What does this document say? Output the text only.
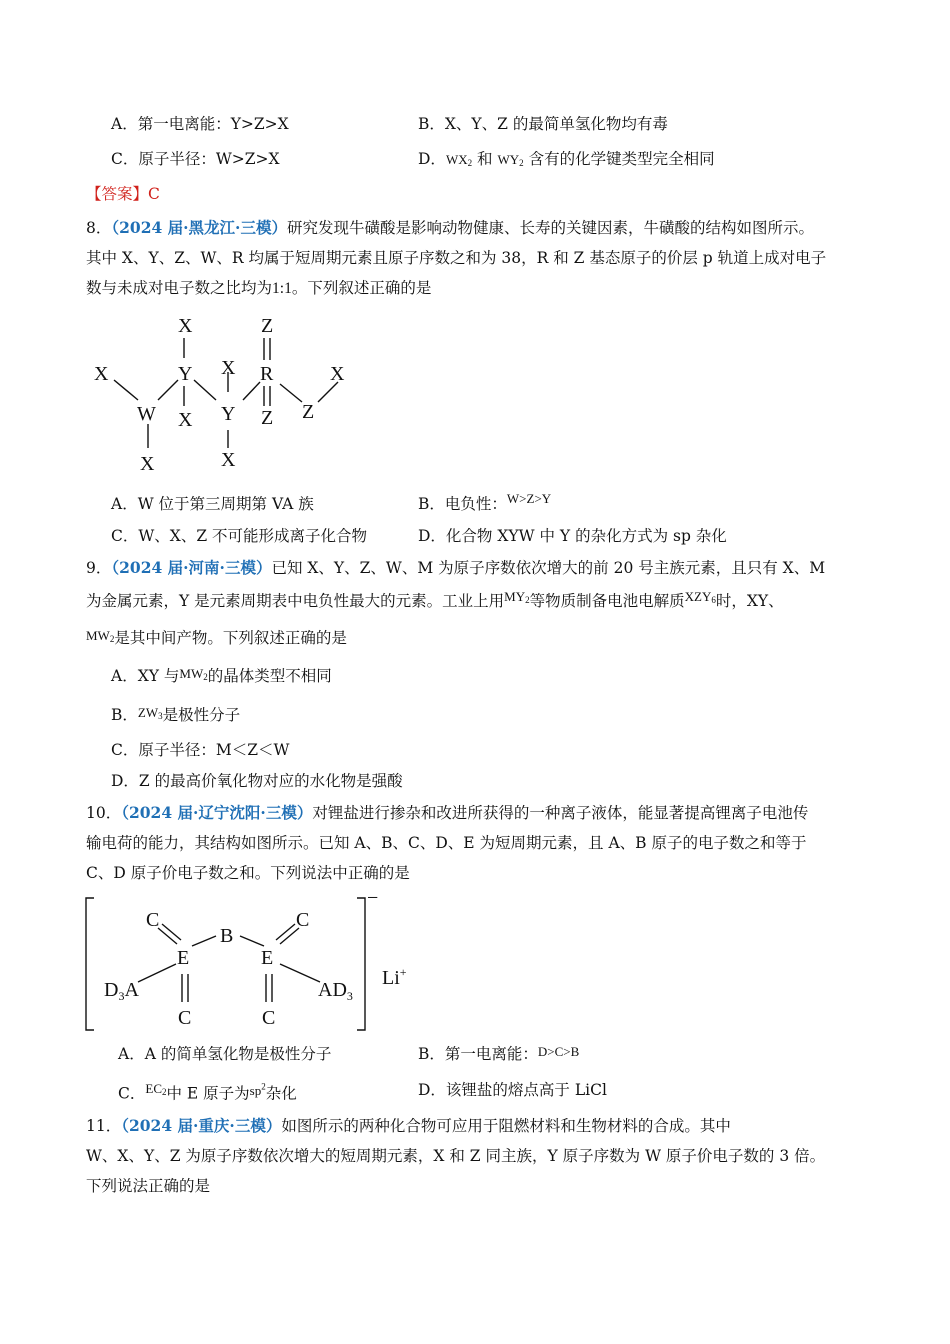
A．第一电离能：Y>Z>X	B．X、Y、Z 的最简单氢化物均有毒
C．原子半径：W>Z>X	D．$WX_2$ 和 $WY_2$ 含有的化学键类型完全相同
【答案】C
8．（2024 届·黑龙江·三模）研究发现牛磺酸是影响动物健康、长寿的关键因素，牛磺酸的结构如图所示。
其中 X、Y、Z、W、R 均属于短周期元素且原子序数之和为 38，R 和 Z 基态原子的价层 p 轨道上成对电子
数与未成对电子数之比均为1:1。下列叙述正确的是
X
Y
X
X
W
X
X
Y
X
X
Z
R
Z Z
A．W 位于第三周期第 VA 族	B．电负性：$^{W>Z>Y}$
C．W、X、Z 不可能形成离子化合物	D．化合物 XYW 中 Y 的杂化方式为 sp 杂化
9．（2024 届·河南·三模）已知 X、Y、Z、W、M 为原子序数依次增大的前 20 号主族元素，且只有 X、M
为金属元素，Y 是元素周期表中电负性最大的元素。工业上用$^{MY_2}$等物质制备电池电解质$^{XZY_6}$时，XY、
$MW_2$是其中间产物。下列叙述正确的是
A．XY 与$MW_2$的晶体类型不相同
B．$ZW_3$是极性分子
C．原子半径：M＜Z＜W
D．Z 的最高价氧化物对应的水化物是强酸
10．（2024 届·辽宁沈阳·三模）对锂盐进行掺杂和改进所获得的一种离子液体，能显著提高锂离子电池传
输电荷的能力，其结构如图所示。已知 A、B、C、D、E 为短周期元素，且 A、B 原子的电子数之和等于
C、D 原子价电子数之和。下列说法中正确的是
C
B
C
E	E
C	C
$D_3A$	$AD_3$
−
Li+
A．A 的简单氢化物是极性分子	B．第一电离能：D>C>B
C．$^{EC_2}$中 E 原子为$sp^2$杂化	D．该锂盐的熔点高于 LiCl
11．（2024 届·重庆·三模）如图所示的两种化合物可应用于阻燃材料和生物材料的合成。其中
W、X、Y、Z 为原子序数依次增大的短周期元素，X 和 Z 同主族，Y 原子序数为 W 原子价电子数的 3 倍。
下列说法正确的是
